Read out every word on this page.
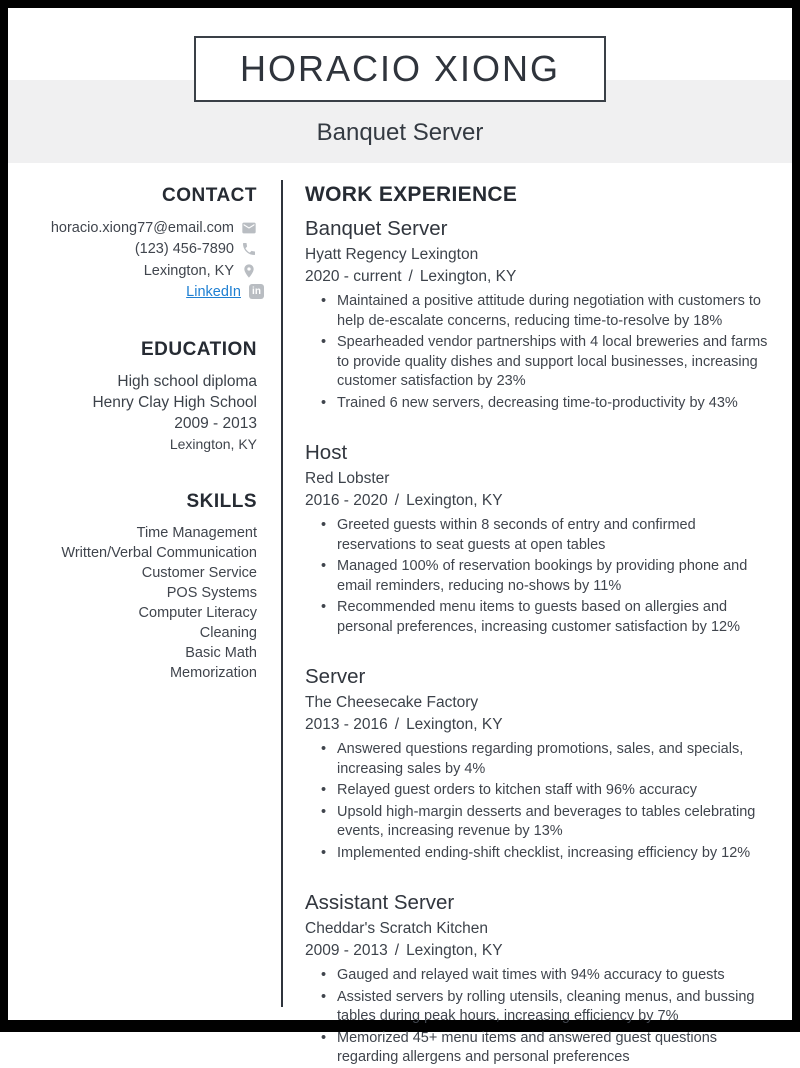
HORACIO XIONG
Banquet Server
CONTACT
horacio.xiong77@email.com
(123) 456-7890
Lexington, KY
LinkedIn	in
EDUCATION
High school diploma
Henry Clay High School
2009 - 2013
Lexington, KY
SKILLS
Time Management
Written/Verbal Communication
Customer Service
POS Systems
Computer Literacy
Cleaning
Basic Math
Memorization
WORK EXPERIENCE
Banquet Server
Hyatt Regency Lexington
2020 - current / Lexington, KY
• Maintained a positive attitude during negotiation with customers to help de-escalate concerns, reducing time-to-resolve by 18%
• Spearheaded vendor partnerships with 4 local breweries and farms to provide quality dishes and support local businesses, increasing customer satisfaction by 23%
• Trained 6 new servers, decreasing time-to-productivity by 43%
Host
Red Lobster
2016 - 2020 / Lexington, KY
• Greeted guests within 8 seconds of entry and confirmed reservations to seat guests at open tables
• Managed 100% of reservation bookings by providing phone and email reminders, reducing no-shows by 11%
• Recommended menu items to guests based on allergies and personal preferences, increasing customer satisfaction by 12%
Server
The Cheesecake Factory
2013 - 2016 / Lexington, KY
• Answered questions regarding promotions, sales, and specials, increasing sales by 4%
• Relayed guest orders to kitchen staff with 96% accuracy
• Upsold high-margin desserts and beverages to tables celebrating events, increasing revenue by 13%
• Implemented ending-shift checklist, increasing efficiency by 12%
Assistant Server
Cheddar's Scratch Kitchen
2009 - 2013 / Lexington, KY
• Gauged and relayed wait times with 94% accuracy to guests
• Assisted servers by rolling utensils, cleaning menus, and bussing tables during peak hours, increasing efficiency by 7%
• Memorized 45+ menu items and answered guest questions regarding allergens and personal preferences
